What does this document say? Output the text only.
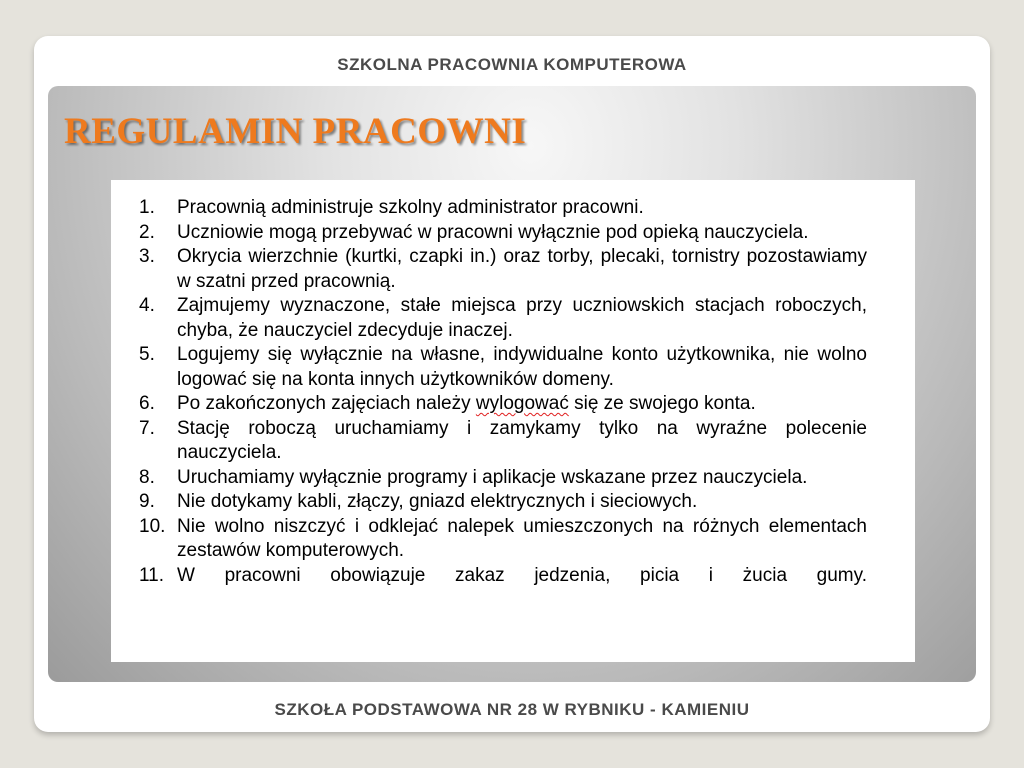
SZKOLNA PRACOWNIA KOMPUTEROWA
REGULAMIN PRACOWNI
1. Pracownią administruje szkolny administrator pracowni.
2. Uczniowie mogą przebywać w pracowni wyłącznie pod opieką nauczyciela.
3. Okrycia wierzchnie (kurtki, czapki in.) oraz torby, plecaki, tornistry pozostawiamy w szatni przed pracownią.
4. Zajmujemy wyznaczone, stałe miejsca przy uczniowskich stacjach roboczych, chyba, że nauczyciel zdecyduje inaczej.
5. Logujemy się wyłącznie na własne, indywidualne konto użytkownika, nie wolno logować się na konta innych użytkowników domeny.
6. Po zakończonych zajęciach należy wylogować się ze swojego konta.
7. Stację roboczą uruchamiamy i zamykamy tylko na wyraźne polecenie nauczyciela.
8. Uruchamiamy wyłącznie programy i aplikacje wskazane przez nauczyciela.
9. Nie dotykamy kabli, złączy, gniazd elektrycznych i sieciowych.
10. Nie wolno niszczyć i odklejać nalepek umieszczonych na różnych elementach zestawów komputerowych.
11. W pracowni obowiązuje zakaz jedzenia, picia i żucia gumy.
SZKOŁA PODSTAWOWA NR 28 W RYBNIKU - KAMIENIU
